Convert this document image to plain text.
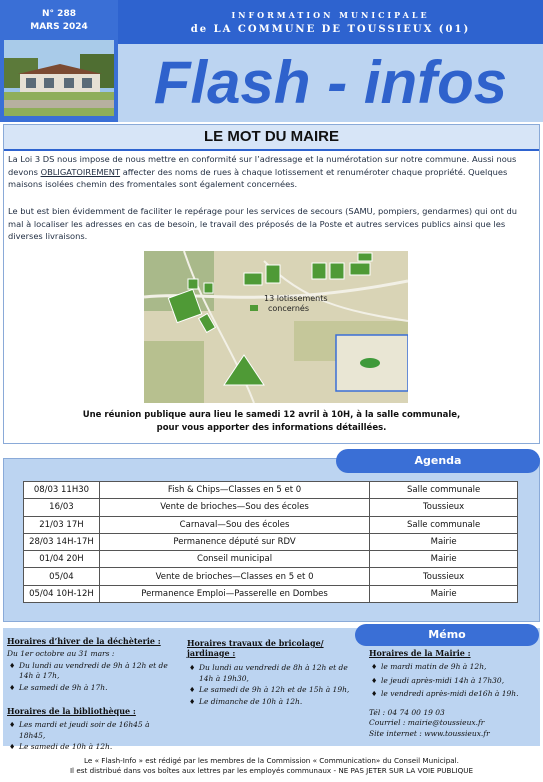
N° 288
MARS 2024
INFORMATION MUNICIPALE
de LA COMMUNE DE TOUSSIEUX (01)
Flash - infos
LE MOT DU MAIRE

La Loi 3 DS nous impose de nous mettre en conformité sur l’adressage et la numérotation sur notre commune. Aussi nous devons OBLIGATOIREMENT affecter des noms de rues à chaque lotissement et renuméroter chaque propriété. Quelques maisons isolées chemin des fromentales sont également concernées.

Le but est bien évidemment de faciliter le repérage pour les services de secours (SAMU, pompiers, gendarmes) qui ont du mal à localiser les adresses en cas de besoin, le travail des préposés de la Poste et autres services publics ainsi que les diverses livraisons.

13 lotissements
concernés
Une réunion publique aura lieu le samedi 12 avril à 10H, à la salle communale,
pour vous apporter des informations détaillées.
Agenda
08/03 11H30	Fish & Chips—Classes en 5 et 0	Salle communale
16/03	Vente de brioches—Sou des écoles	Toussieux
21/03 17H	Carnaval—Sou des écoles	Salle communale
28/03 14H-17H	Permanence député sur RDV	Mairie
01/04 20H	Conseil municipal	Mairie
05/04	Vente de brioches—Classes en 5 et 0	Toussieux
05/04 10H-12H	Permanence Emploi—Passerelle en Dombes	Mairie
Mémo
Horaires d’hiver de la déchèterie :
Du 1er octobre au 31 mars :
♦ Du lundi au vendredi de 9h à 12h et de 14h à 17h,
♦ Le samedi de 9h à 17h.
Horaires de la bibliothèque :
♦ Les mardi et jeudi soir de 16h45 à 18h45,
♦ Le samedi de 10h à 12h.
Horaires travaux de bricolage/ jardinage :
♦ Du lundi au vendredi de 8h à 12h et de 14h à 19h30,
♦ Le samedi de 9h à 12h et de 15h à 19h,
♦ Le dimanche de 10h à 12h.
Horaires de la Mairie :
♦ le mardi matin de 9h à 12h,
♦ le jeudi après-midi 14h à 17h30,
♦ le vendredi après-midi de16h à 19h.
Tél : 04 74 00 19 03
Courriel : mairie@toussieux.fr
Site internet : www.toussieux.fr
Le « Flash-Info » est rédigé par les membres de la Commission « Communication» du Conseil Municipal.
Il est distribué dans vos boîtes aux lettres par les employés communaux - NE PAS JETER SUR LA VOIE PUBLIQUE
